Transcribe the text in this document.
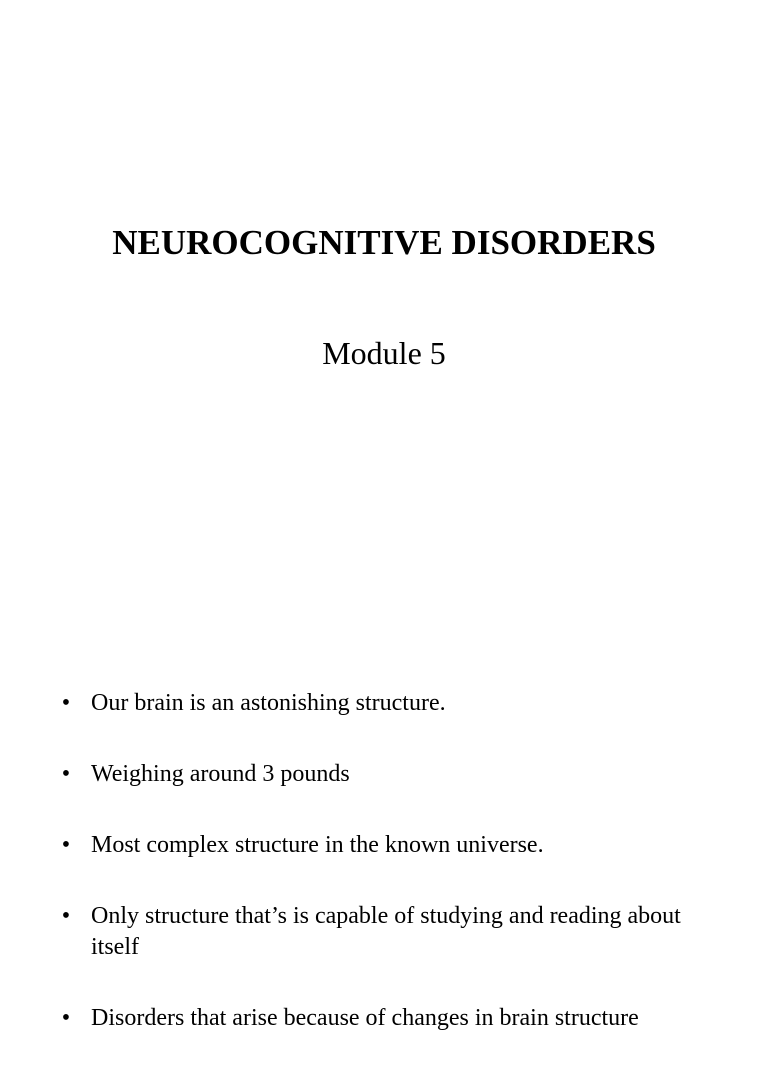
NEUROCOGNITIVE DISORDERS
Module 5
• Our brain is an astonishing structure.
• Weighing around 3 pounds
• Most complex structure in the known universe.
• Only structure that’s is capable of studying and reading about itself
• Disorders that arise because of changes in brain structure
